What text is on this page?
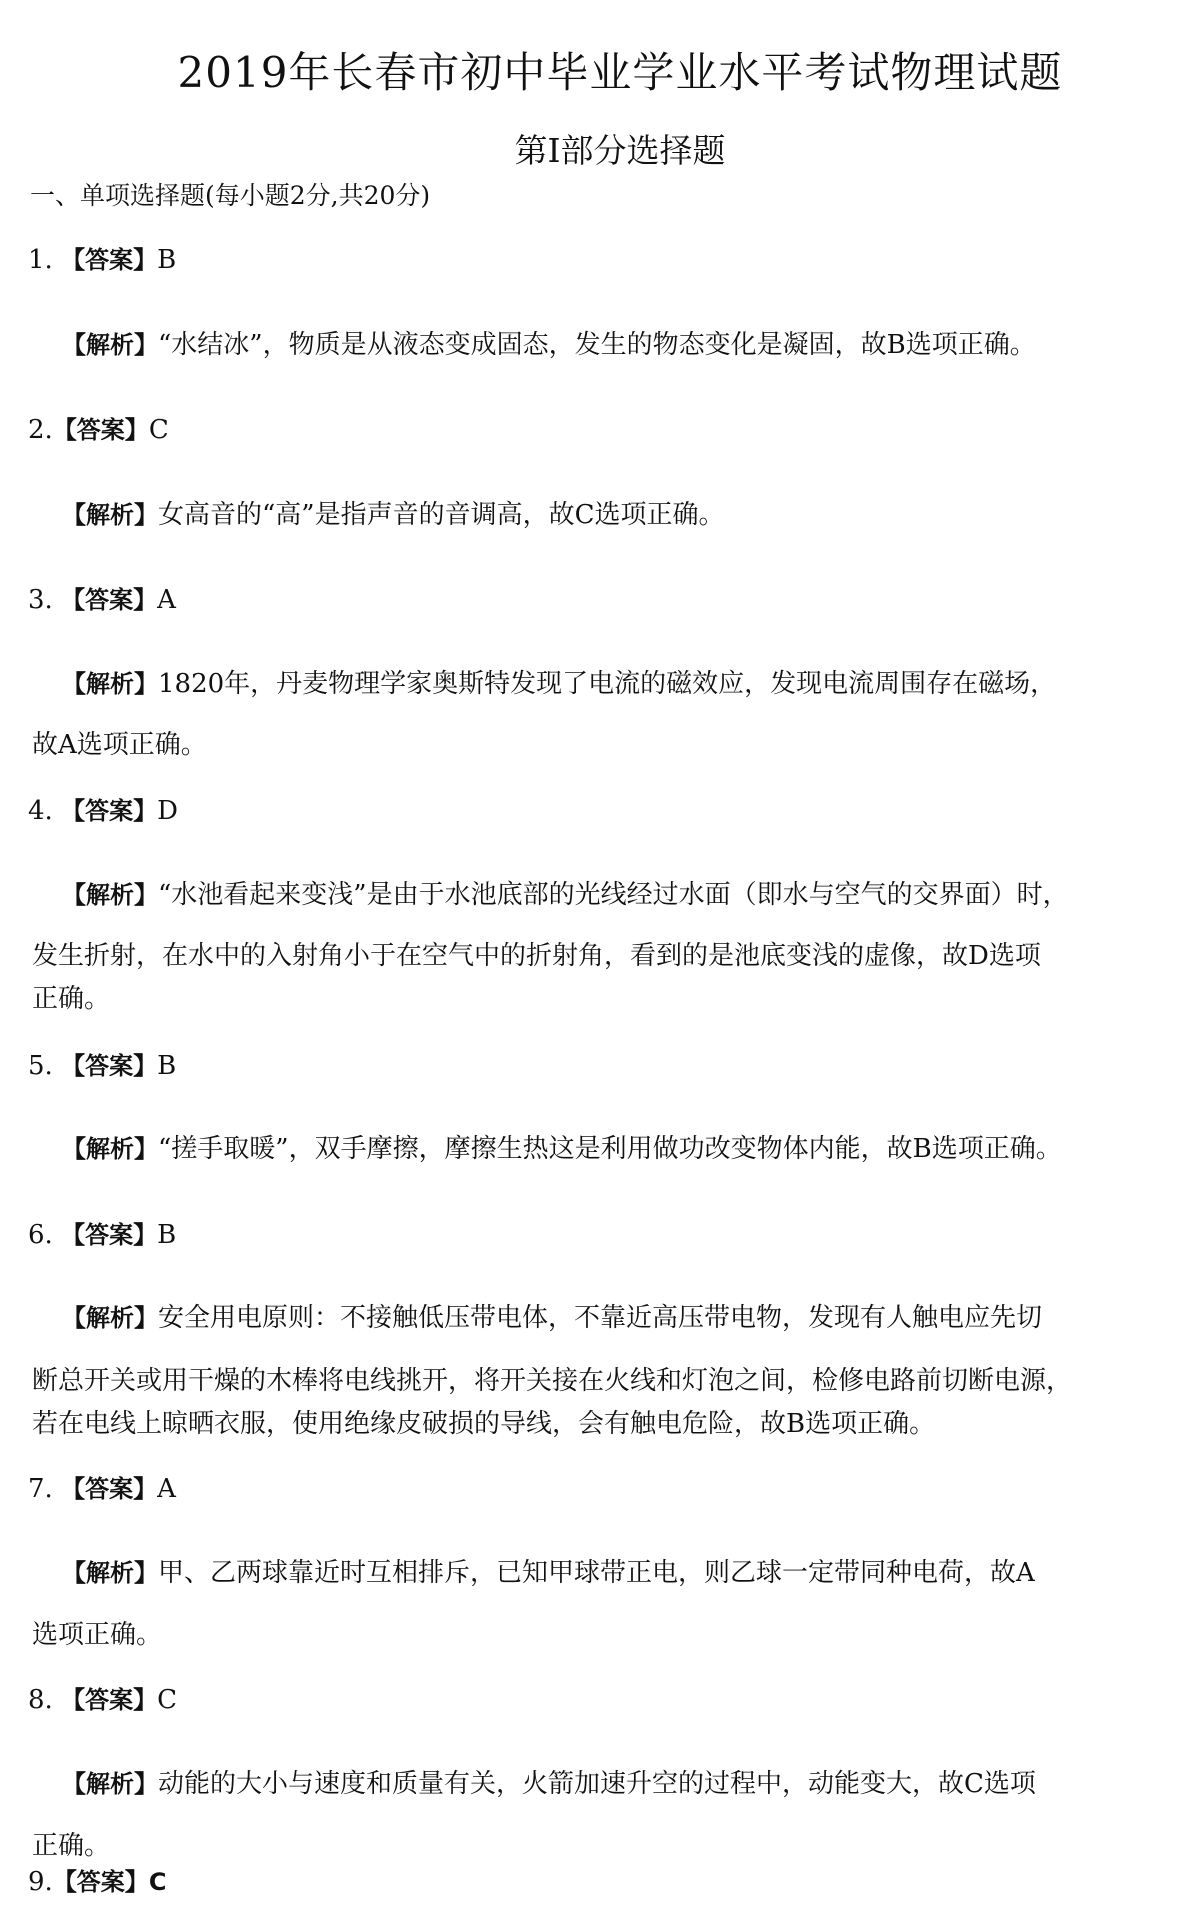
2019年长春市初中毕业学业水平考试物理试题
第Ⅰ部分选择题
一、单项选择题(每小题2分,共20分)
1. 【答案】B
【解析】“水结冰”，物质是从液态变成固态，发生的物态变化是凝固，故B选项正确。
2.【答案】C
【解析】女高音的“高”是指声音的音调高，故C选项正确。
3. 【答案】A
【解析】1820年，丹麦物理学家奥斯特发现了电流的磁效应，发现电流周围存在磁场，
故A选项正确。
4. 【答案】D
【解析】“水池看起来变浅”是由于水池底部的光线经过水面（即水与空气的交界面）时，
发生折射，在水中的入射角小于在空气中的折射角，看到的是池底变浅的虚像，故D选项
正确。
5. 【答案】B
【解析】“搓手取暖”，双手摩擦，摩擦生热这是利用做功改变物体内能，故B选项正确。
6. 【答案】B
【解析】安全用电原则：不接触低压带电体，不靠近高压带电物，发现有人触电应先切
断总开关或用干燥的木棒将电线挑开，将开关接在火线和灯泡之间，检修电路前切断电源，
若在电线上晾晒衣服，使用绝缘皮破损的导线，会有触电危险，故B选项正确。
7. 【答案】A
【解析】甲、乙两球靠近时互相排斥，已知甲球带正电，则乙球一定带同种电荷，故A
选项正确。
8. 【答案】C
【解析】动能的大小与速度和质量有关，火箭加速升空的过程中，动能变大，故C选项
正确。
9.【答案】C
